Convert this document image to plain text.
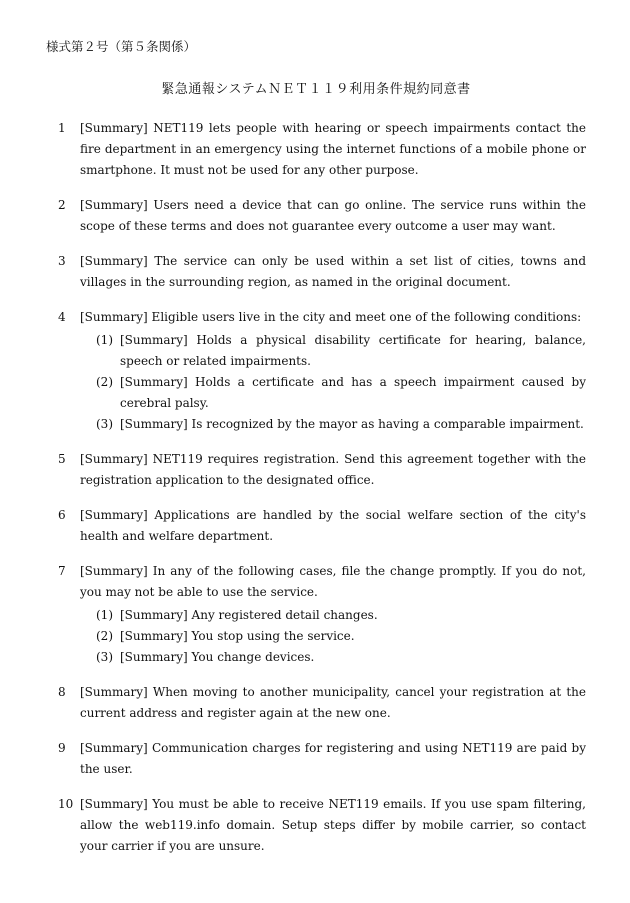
様式第２号（第５条関係）
緊急通報システムＮＥＴ１１９利用条件規約同意書
1	[Summary] NET119 lets people with hearing or speech impairments contact the fire department in an emergency using the internet functions of a mobile phone or smartphone. It must not be used for any other purpose.
2	[Summary] Users need a device that can go online. The service runs within the scope of these terms and does not guarantee every outcome a user may want.
3	[Summary] The service can only be used within a set list of cities, towns and villages in the surrounding region, as named in the original document.
4	[Summary] Eligible users live in the city and meet one of the following conditions:
(1) [Summary] Holds a physical disability certificate for hearing, balance, speech or related impairments.
(2) [Summary] Holds a certificate and has a speech impairment caused by cerebral palsy.
(3) [Summary] Is recognized by the mayor as having a comparable impairment.
5	[Summary] NET119 requires registration. Send this agreement together with the registration application to the designated office.
6	[Summary] Applications are handled by the social welfare section of the city's health and welfare department.
7	[Summary] In any of the following cases, file the change promptly. If you do not, you may not be able to use the service.
(1) [Summary] Any registered detail changes.
(2) [Summary] You stop using the service.
(3) [Summary] You change devices.
8	[Summary] When moving to another municipality, cancel your registration at the current address and register again at the new one.
9	[Summary] Communication charges for registering and using NET119 are paid by the user.
10 [Summary] You must be able to receive NET119 emails. If you use spam filtering, allow the web119.info domain. Setup steps differ by mobile carrier, so contact your carrier if you are unsure.
